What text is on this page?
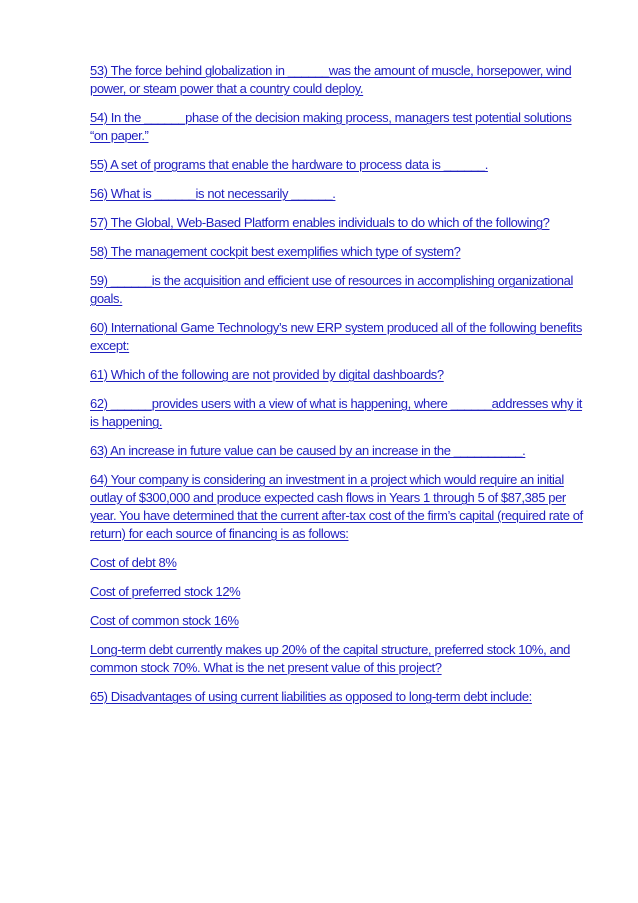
53) The force behind globalization in ______was the amount of muscle, horsepower, wind power, or steam power that a country could deploy.

54) In the ______phase of the decision making process, managers test potential solutions “on paper.”

55) A set of programs that enable the hardware to process data is ______.

56) What is ______is not necessarily ______.

57) The Global, Web-Based Platform enables individuals to do which of the following?

58) The management cockpit best exemplifies which type of system?

59) ______is the acquisition and efficient use of resources in accomplishing organizational goals.

60) International Game Technology’s new ERP system produced all of the following benefits except:

61) Which of the following are not provided by digital dashboards?

62) ______provides users with a view of what is happening, where ______addresses why it is happening.

63) An increase in future value can be caused by an increase in the __________.

64) Your company is considering an investment in a project which would require an initial outlay of $300,000 and produce expected cash flows in Years 1 through 5 of $87,385 per year. You have determined that the current after-tax cost of the firm’s capital (required rate of return) for each source of financing is as follows:

Cost of debt 8%

Cost of preferred stock 12%

Cost of common stock 16%

Long-term debt currently makes up 20% of the capital structure, preferred stock 10%, and common stock 70%. What is the net present value of this project?

65) Disadvantages of using current liabilities as opposed to long-term debt include:
